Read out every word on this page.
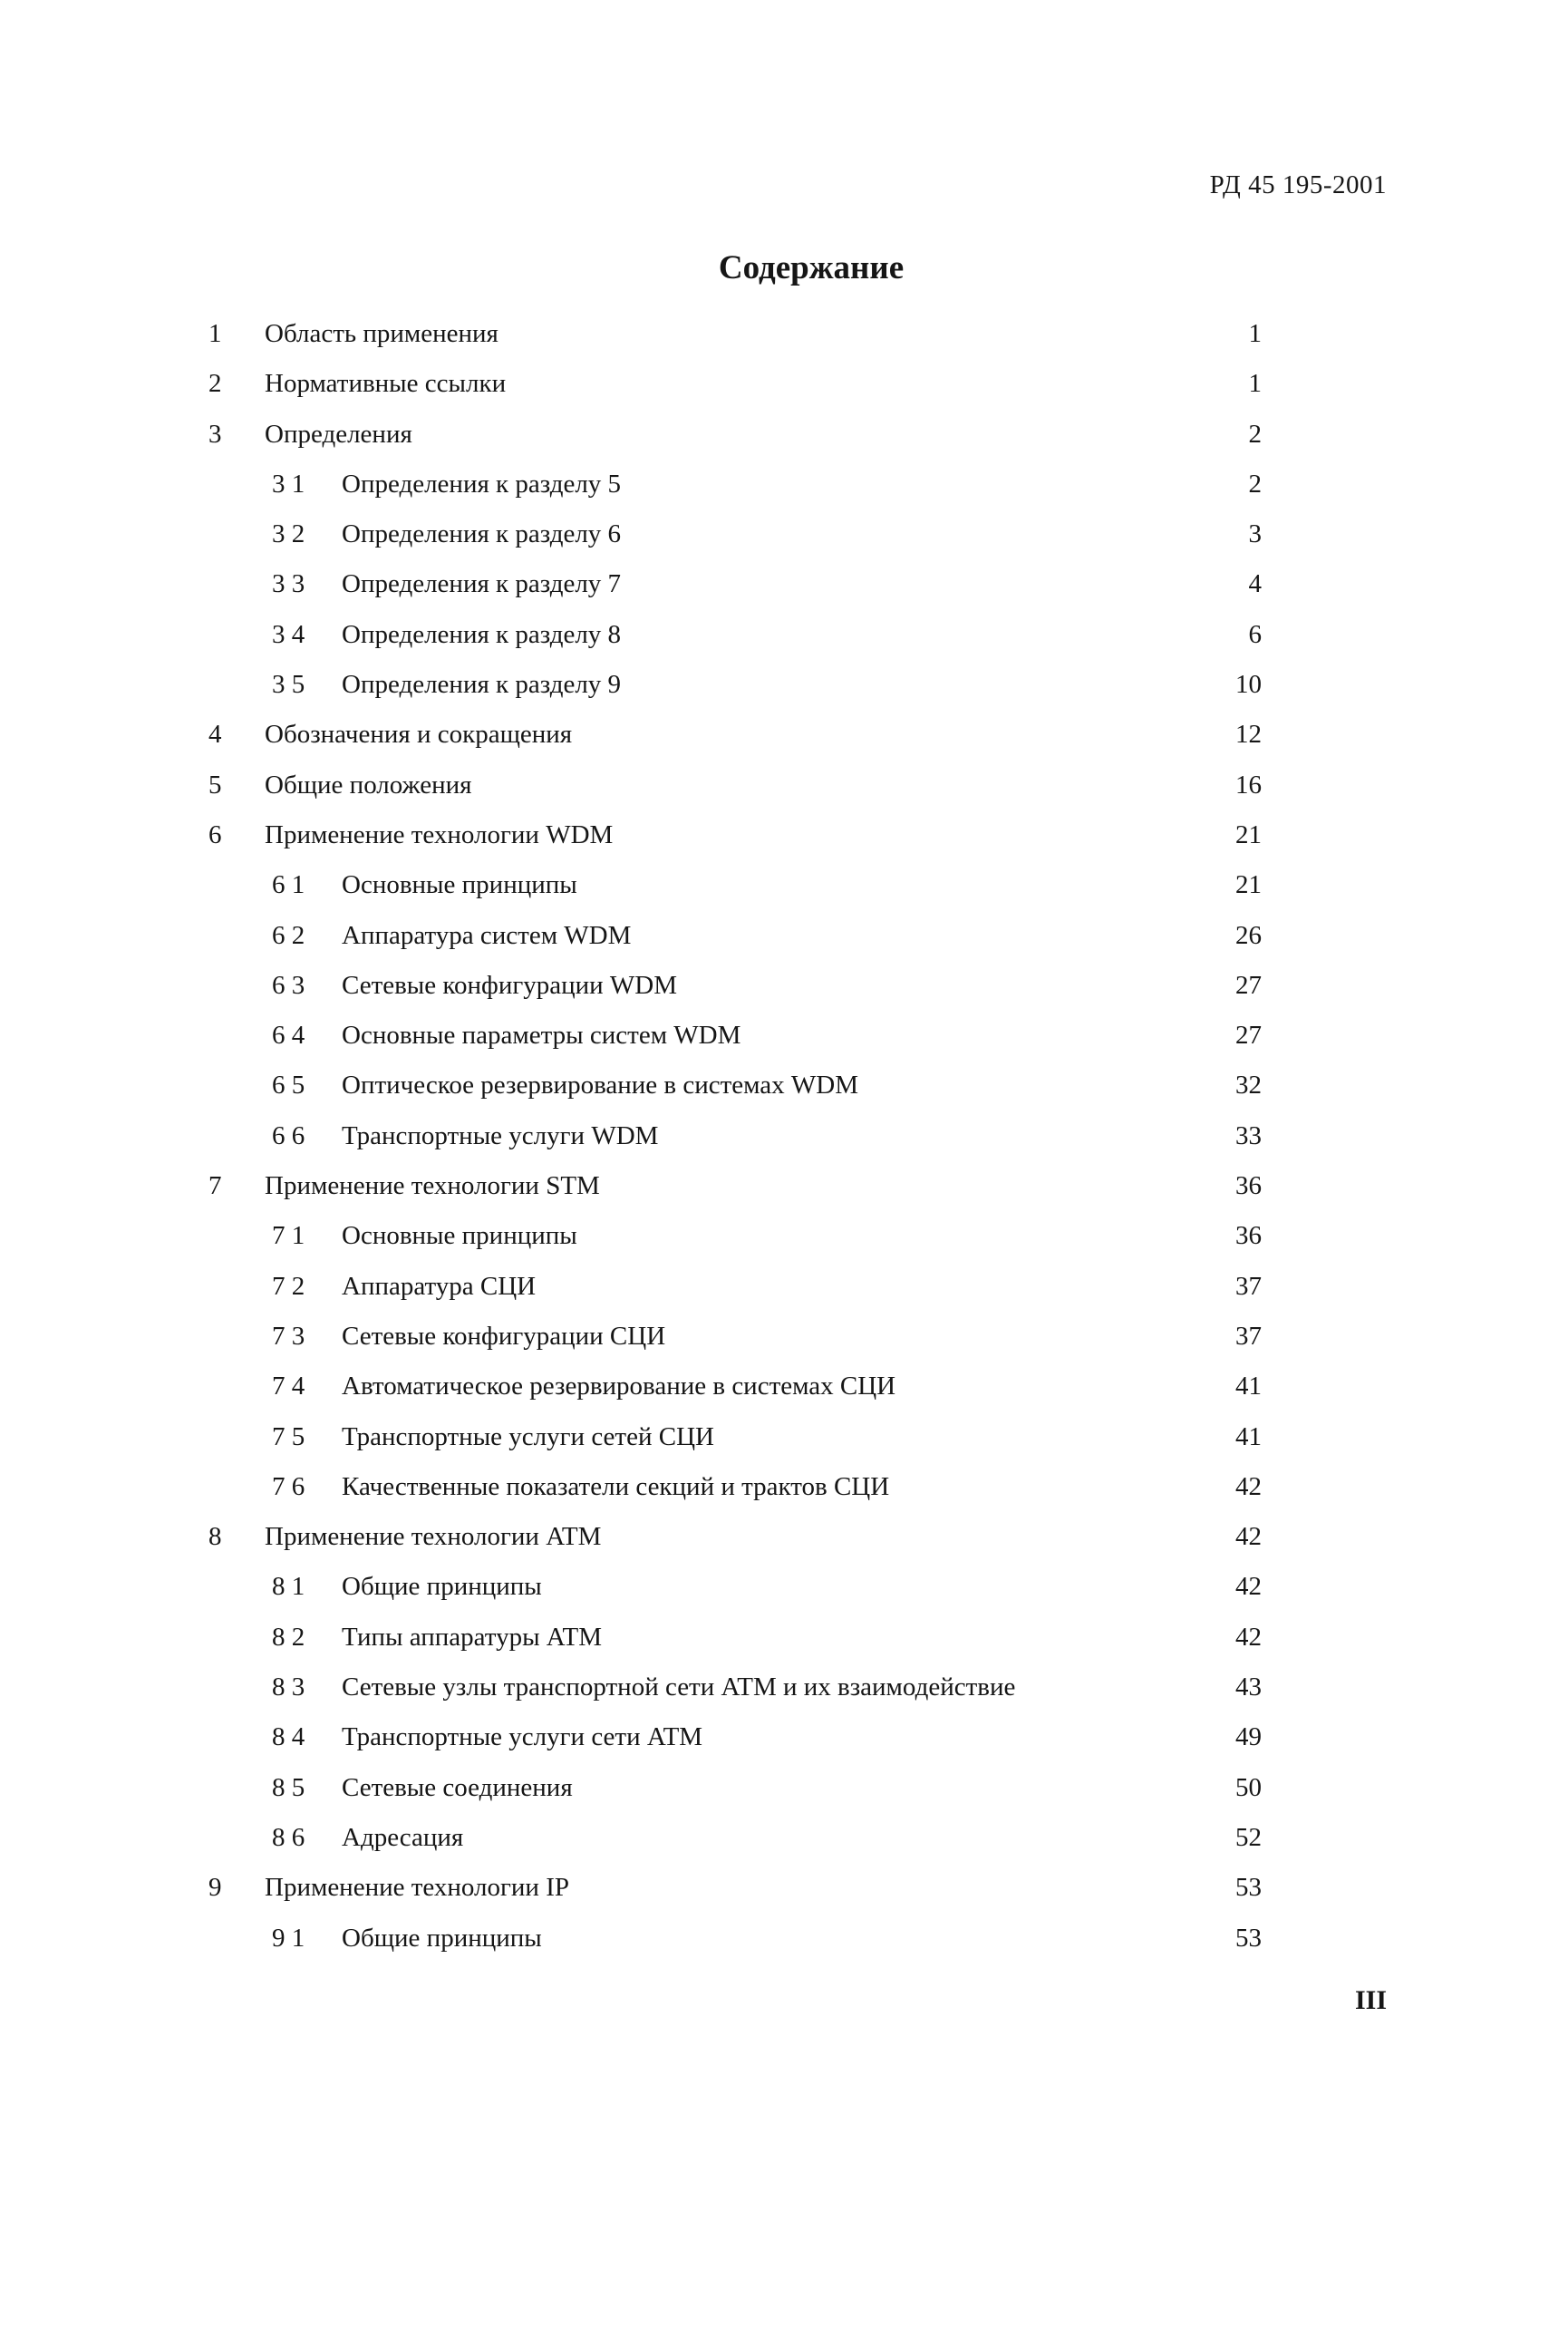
РД 45 195-2001
Содержание
1 Область применения	1
2 Нормативные ссылки	1
3 Определения	2
3 1	Определения к разделу 5	2
3 2	Определения к разделу 6	3
3 3	Определения к разделу 7	4
3 4	Определения к разделу 8	6
3 5	Определения к разделу 9	10
4 Обозначения и сокращения	12
5 Общие положения	16
6 Применение технологии WDM	21
6 1	Основные принципы	21
6 2	Аппаратура систем WDM	26
6 3	Сетевые конфигурации WDM	27
6 4	Основные параметры систем WDM	27
6 5	Оптическое резервирование в системах WDM	32
6 6	Транспортные услуги WDM	33
7 Применение технологии STM	36
7 1	Основные принципы	36
7 2	Аппаратура СЦИ	37
7 3	Сетевые конфигурации СЦИ	37
7 4	Автоматическое резервирование в системах СЦИ	41
7 5	Транспортные услуги сетей СЦИ	41
7 6	Качественные показатели секций и трактов СЦИ	42
8 Применение технологии ATM	42
8 1	Общие принципы	42
8 2	Типы аппаратуры ATM	42
8 3	Сетевые узлы транспортной сети ATM и их взаимодействие	43
8 4	Транспортные услуги сети ATM	49
8 5	Сетевые соединения	50
8 6	Адресация	52
9 Применение технологии IP	53
9 1	Общие принципы	53
III
